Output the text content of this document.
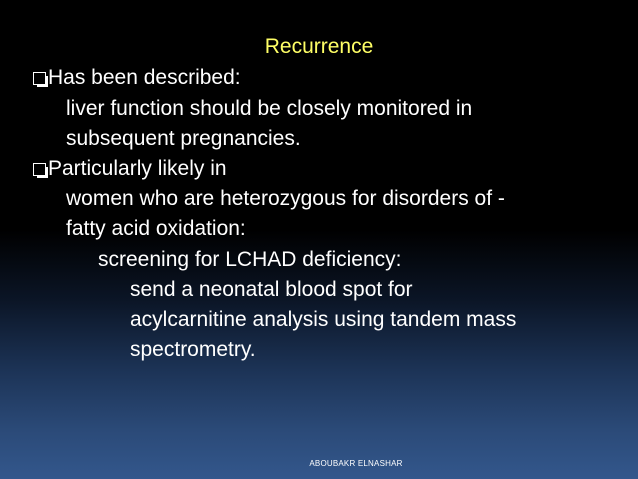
Recurrence
Has been described:
liver function should be closely monitored in
subsequent pregnancies.
Particularly likely in
women who are heterozygous for disorders of -
fatty acid oxidation:
screening for LCHAD deficiency:
send a neonatal blood spot for
acylcarnitine analysis using tandem mass
spectrometry.
ABOUBAKR ELNASHAR
